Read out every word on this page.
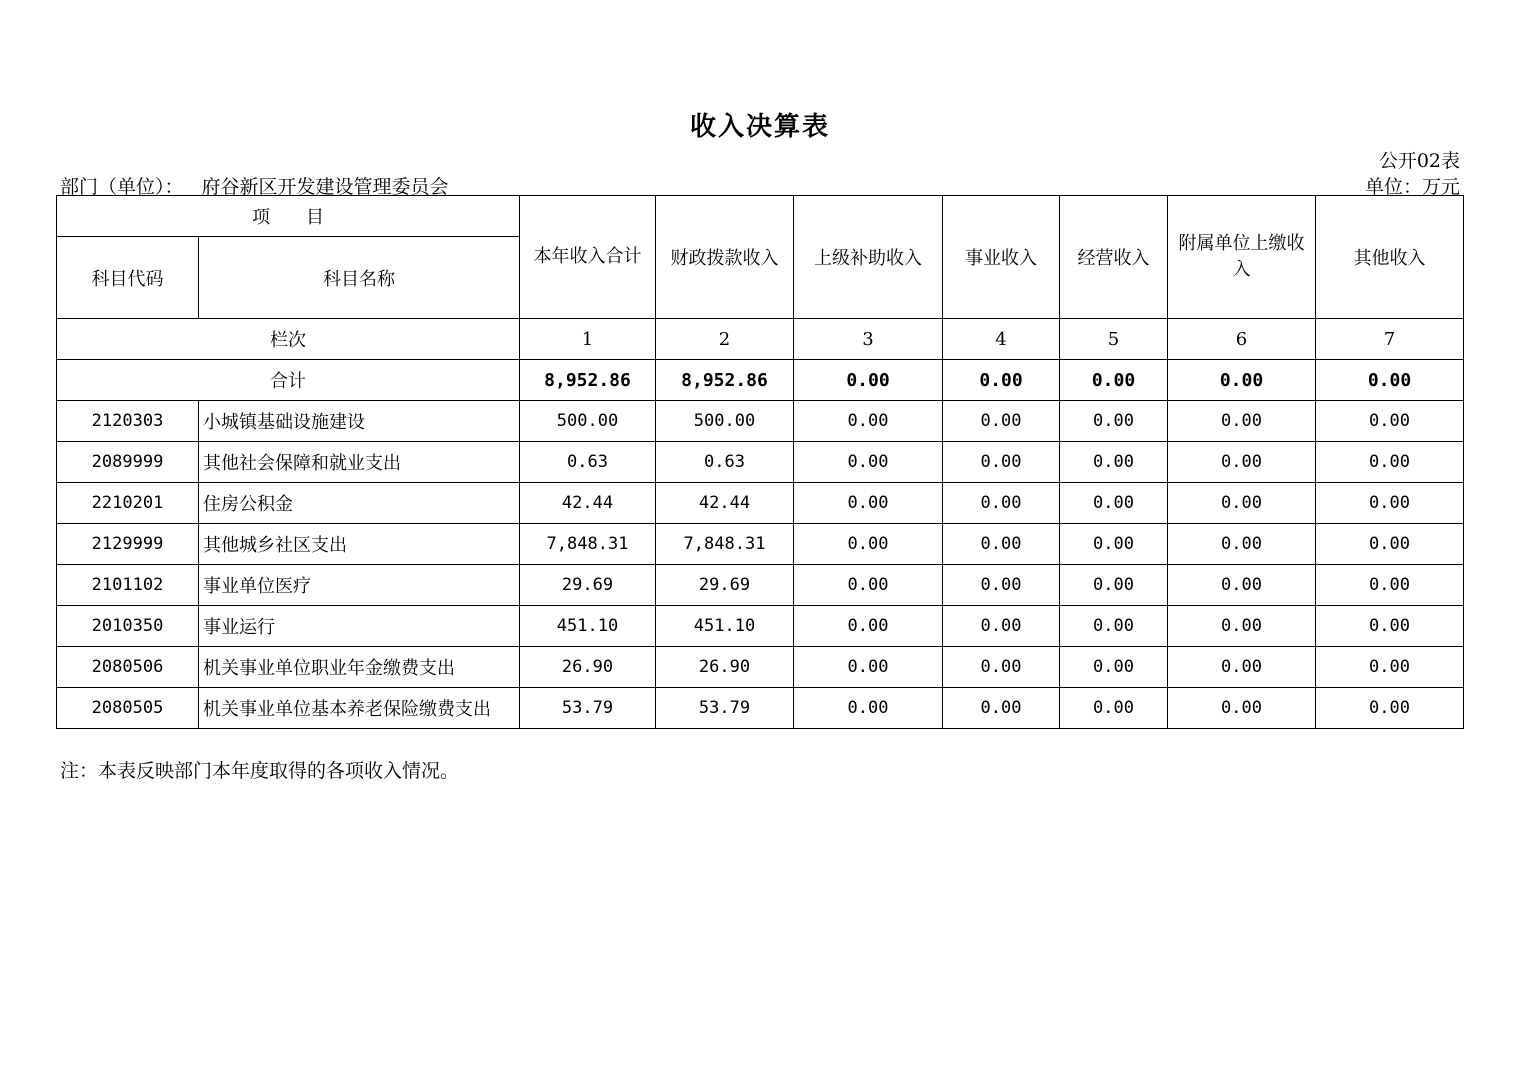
收入决算表
公开02表
部门（单位）： 府谷新区开发建设管理委员会	单位：万元
项　　目		本年收入合计	财政拨款收入	上级补助收入	事业收入	经营收入	附属单位上缴收入	其他收入
科目代码	科目名称							
栏次		1	2	3	4	5	6	7
合计		8,952.86	8,952.86	0.00	0.00	0.00	0.00	0.00
2120303	小城镇基础设施建设	500.00	500.00	0.00	0.00	0.00	0.00	0.00
2089999	其他社会保障和就业支出	0.63	0.63	0.00	0.00	0.00	0.00	0.00
2210201	住房公积金	42.44	42.44	0.00	0.00	0.00	0.00	0.00
2129999	其他城乡社区支出	7,848.31	7,848.31	0.00	0.00	0.00	0.00	0.00
2101102	事业单位医疗	29.69	29.69	0.00	0.00	0.00	0.00	0.00
2010350	事业运行	451.10	451.10	0.00	0.00	0.00	0.00	0.00
2080506	机关事业单位职业年金缴费支出	26.90	26.90	0.00	0.00	0.00	0.00	0.00
2080505	机关事业单位基本养老保险缴费支出	53.79	53.79	0.00	0.00	0.00	0.00	0.00
注：本表反映部门本年度取得的各项收入情况。
